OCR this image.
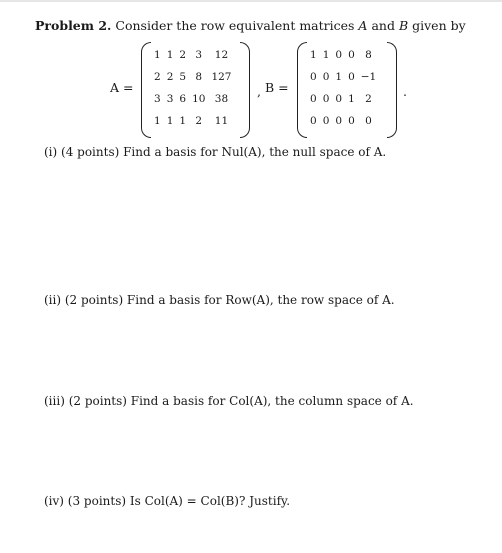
Problem 2. Consider the row equivalent matrices A and B given by
A =
1	1	2	3	12
2	2	5	8	127
3	3	6	10	38
1	1	1	2	11
, B =
1	1	0	0	8
0	0	1	0	−1
0	0	0	1	2
0	0	0	0	0
.
(i) (4 points) Find a basis for Nul(A), the null space of A.
(ii) (2 points) Find a basis for Row(A), the row space of A.
(iii) (2 points) Find a basis for Col(A), the column space of A.
(iv) (3 points) Is Col(A) = Col(B)? Justify.
